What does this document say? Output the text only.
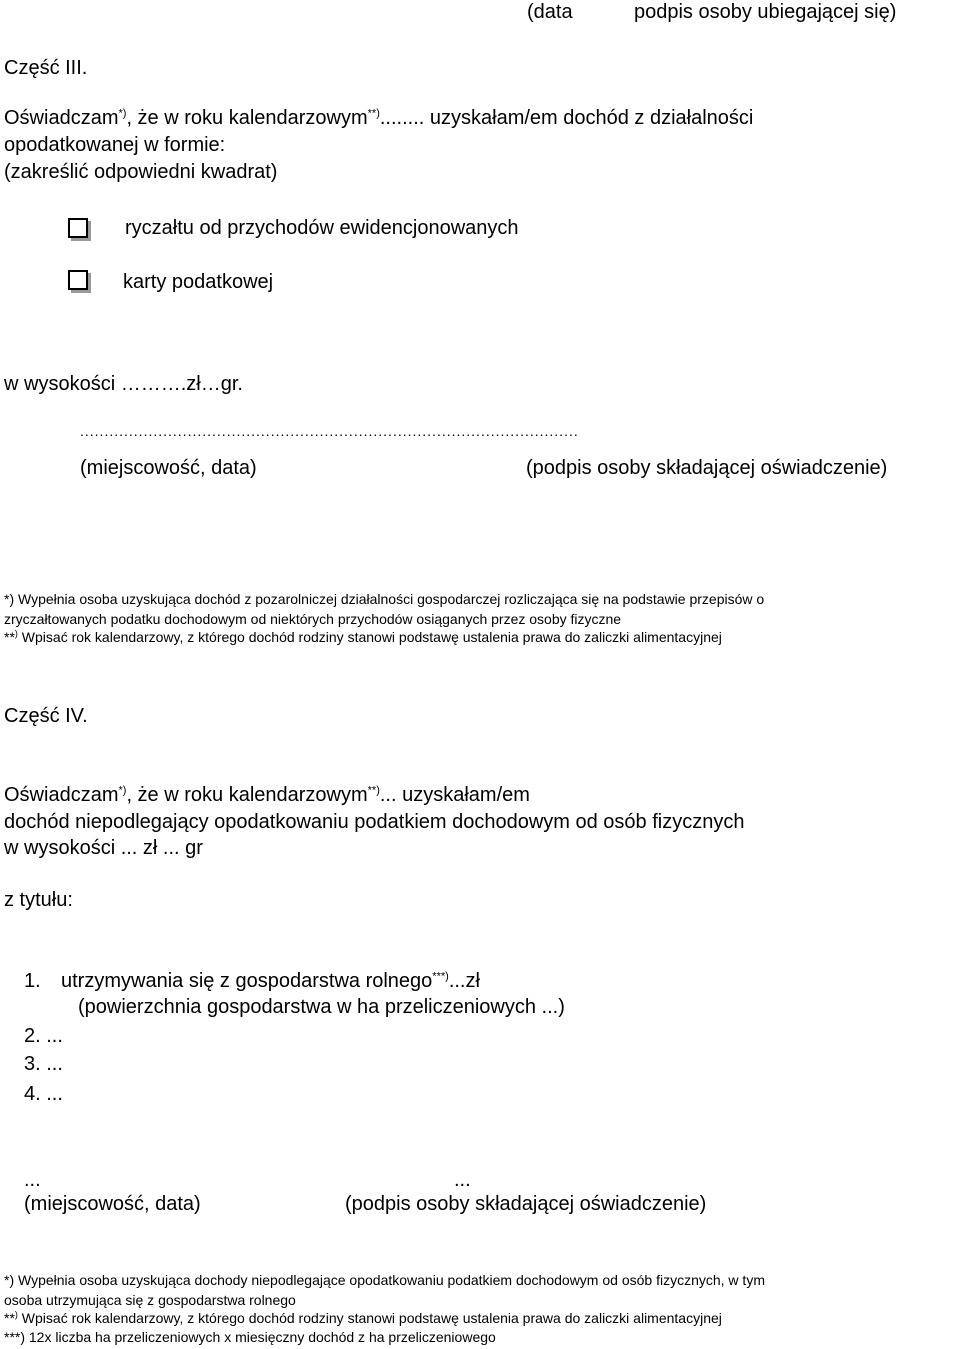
(data	podpis osoby ubiegającej się)
Część III.
Oświadczam*), że w roku kalendarzowym**)........ uzyskałam/em dochód z działalności
opodatkowanej w formie:
(zakreślić odpowiedni kwadrat)
ryczałtu od przychodów ewidencjonowanych
karty podatkowej
w wysokości ……….zł…gr.
......................................................................................................
(miejscowość, data)	(podpis osoby składającej oświadczenie)
*) Wypełnia osoba uzyskująca dochód z pozarolniczej działalności gospodarczej rozliczająca się na podstawie przepisów o
zryczałtowanych podatku dochodowym od niektórych przychodów osiąganych przez osoby fizyczne
**) Wpisać rok kalendarzowy, z którego dochód rodziny stanowi podstawę ustalenia prawa do zaliczki alimentacyjnej
Część IV.
Oświadczam*), że w roku kalendarzowym**)... uzyskałam/em
dochód niepodlegający opodatkowaniu podatkiem dochodowym od osób fizycznych
w wysokości ... zł ... gr
z tytułu:
1. utrzymywania się z gospodarstwa rolnego***)...zł
(powierzchnia gospodarstwa w ha przeliczeniowych ...)
2. ...
3. ...
4. ...
...	...
(miejscowość, data)	(podpis osoby składającej oświadczenie)
*) Wypełnia osoba uzyskująca dochody niepodlegające opodatkowaniu podatkiem dochodowym od osób fizycznych, w tym
osoba utrzymująca się z gospodarstwa rolnego
**) Wpisać rok kalendarzowy, z którego dochód rodziny stanowi podstawę ustalenia prawa do zaliczki alimentacyjnej
***) 12x liczba ha przeliczeniowych x miesięczny dochód z ha przeliczeniowego
